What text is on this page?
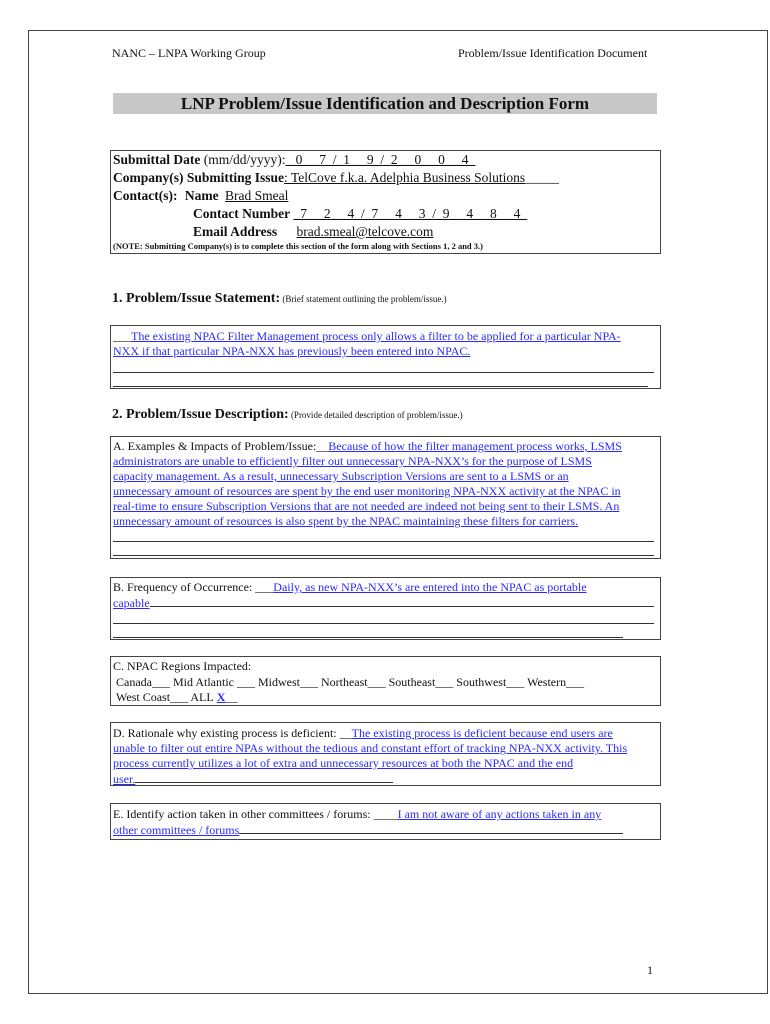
NANC – LNPA Working Group	Problem/Issue Identification Document
LNP Problem/Issue Identification and Description Form
Submittal Date (mm/dd/yyyy): _0_ _7_/_1_ _9_/_2_ _0_ _0_ _4_
Company(s) Submitting Issue: TelCove f.k.a. Adelphia Business Solutions_____
Contact(s): Name Brad Smeal
Contact Number _7_ _2_ _4_/_7_ _4_ _3_/_9_ _4_ _8_ _4_
Email Address brad.smeal@telcove.com
(NOTE: Submitting Company(s) is to complete this section of the form along with Sections 1, 2 and 3.)
1. Problem/Issue Statement: (Brief statement outlining the problem/issue.)
___The existing NPAC Filter Management process only allows a filter to be applied for a particular NPA-
NXX if that particular NPA-NXX has previously been entered into NPAC.
2. Problem/Issue Description: (Provide detailed description of problem/issue.)
A. Examples & Impacts of Problem/Issue:__Because of how the filter management process works, LSMS
administrators are unable to efficiently filter out unnecessary NPA-NXX’s for the purpose of LSMS
capacity management. As a result, unnecessary Subscription Versions are sent to a LSMS or an
unnecessary amount of resources are spent by the end user monitoring NPA-NXX activity at the NPAC in
real-time to ensure Subscription Versions that are not needed are indeed not being sent to their LSMS. An
unnecessary amount of resources is also spent by the NPAC maintaining these filters for carriers.
B. Frequency of Occurrence: ___Daily, as new NPA-NXX’s are entered into the NPAC as portable
capable
C. NPAC Regions Impacted:
Canada___ Mid Atlantic ___ Midwest___ Northeast___ Southeast___ Southwest___ Western___
West Coast___ ALL X__
D. Rationale why existing process is deficient: __The existing process is deficient because end users are
unable to filter out entire NPAs without the tedious and constant effort of tracking NPA-NXX activity. This
process currently utilizes a lot of extra and unnecessary resources at both the NPAC and the end
user.
E. Identify action taken in other committees / forums: ____I am not aware of any actions taken in any
other committees / forums
1
